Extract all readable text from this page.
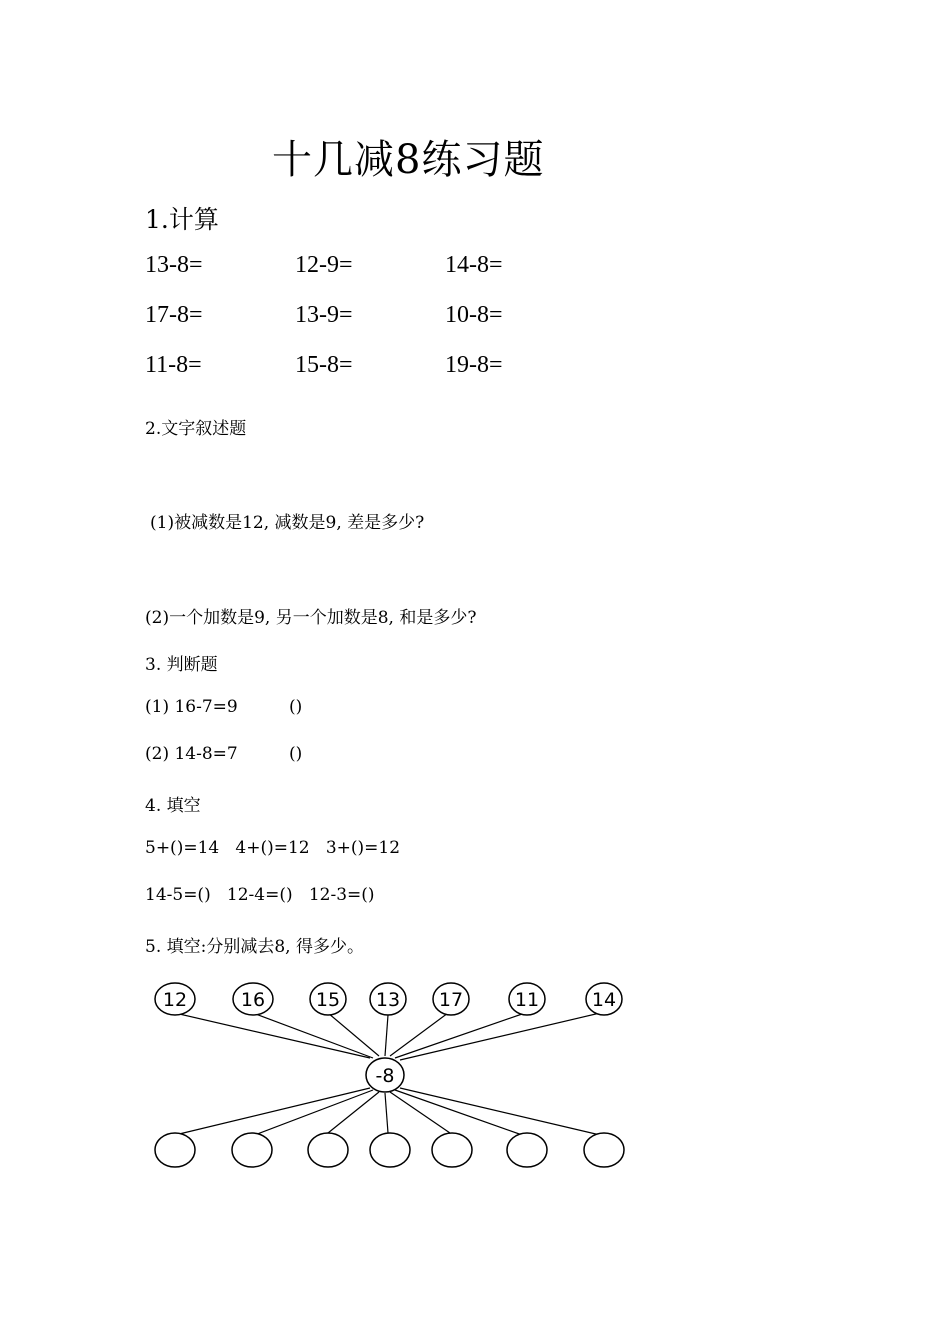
十几减8练习题
1.计算
13-8=	12-9=	14-8=
17-8=	13-9=	10-8=
11-8=	15-8=	19-8=
2.文字叙述题
(1)被减数是12, 减数是9, 差是多少?
(2)一个加数是9, 另一个加数是8, 和是多少?
3. 判断题
(1) 16-7=9	()
(2) 14-8=7	()
4. 填空
5+()=14   4+()=12   3+()=12
14-5=()   12-4=()   12-3=()
5. 填空:分别减去8, 得多少。
12	16	15 13 17	11	14
-8
